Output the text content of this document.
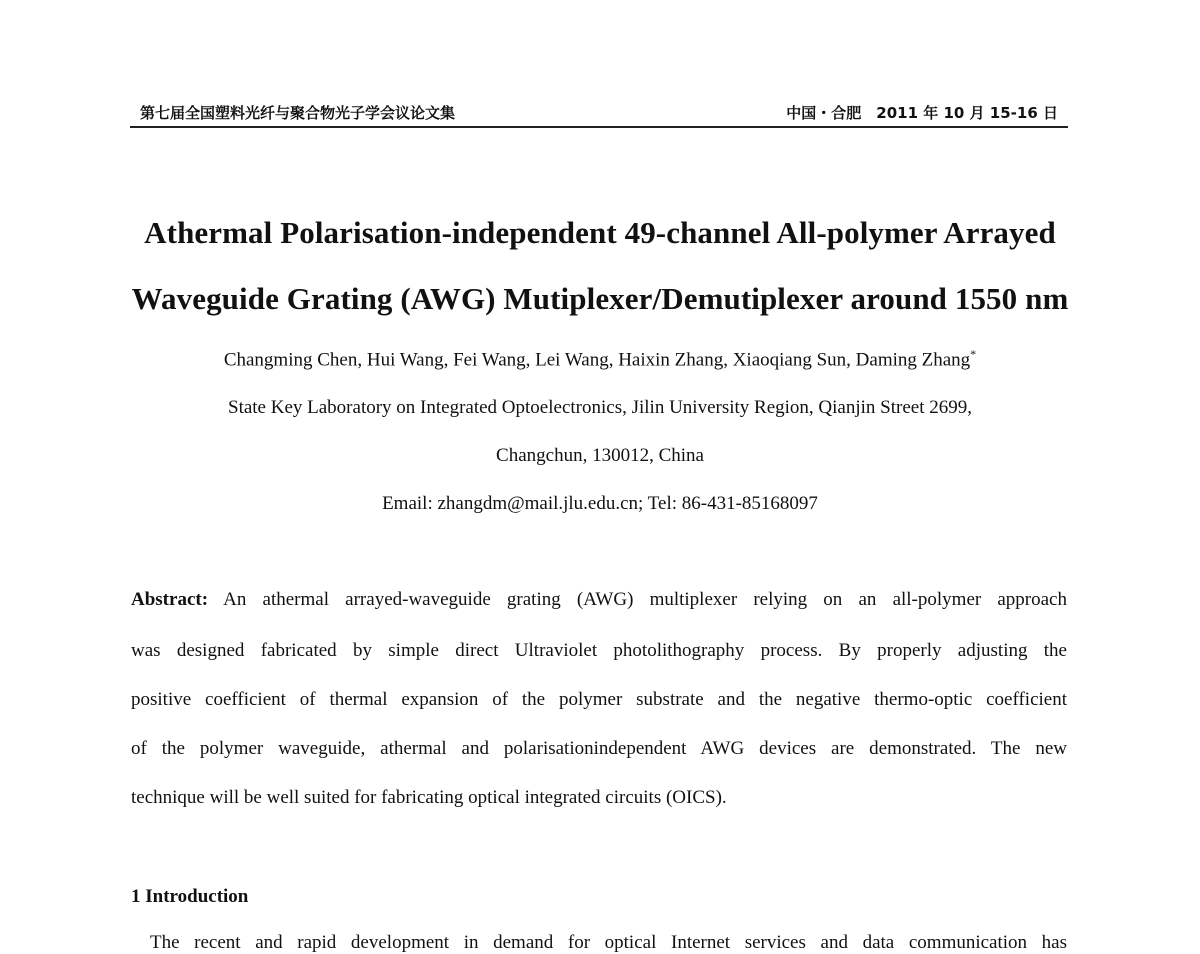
第七届全国塑料光纤与聚合物光子学会议论文集	中国・合肥　2011 年 10 月 15-16 日
Athermal Polarisation-independent 49-channel All-polymer Arrayed
Waveguide Grating (AWG) Mutiplexer/Demutiplexer around 1550 nm
Changming Chen, Hui Wang, Fei Wang, Lei Wang, Haixin Zhang, Xiaoqiang Sun, Daming Zhang*
State Key Laboratory on Integrated Optoelectronics, Jilin University Region, Qianjin Street 2699,
Changchun, 130012, China
Email: zhangdm@mail.jlu.edu.cn; Tel: 86-431-85168097
Abstract: An athermal arrayed-waveguide grating (AWG) multiplexer relying on an all-polymer approach
was designed fabricated by simple direct Ultraviolet photolithography process. By properly adjusting the
positive coefficient of thermal expansion of the polymer substrate and the negative thermo-optic coefficient
of the polymer waveguide, athermal and polarisationindependent AWG devices are demonstrated. The new
technique will be well suited for fabricating optical integrated circuits (OICS).
1 Introduction
The recent and rapid development in demand for optical Internet services and data communication has
